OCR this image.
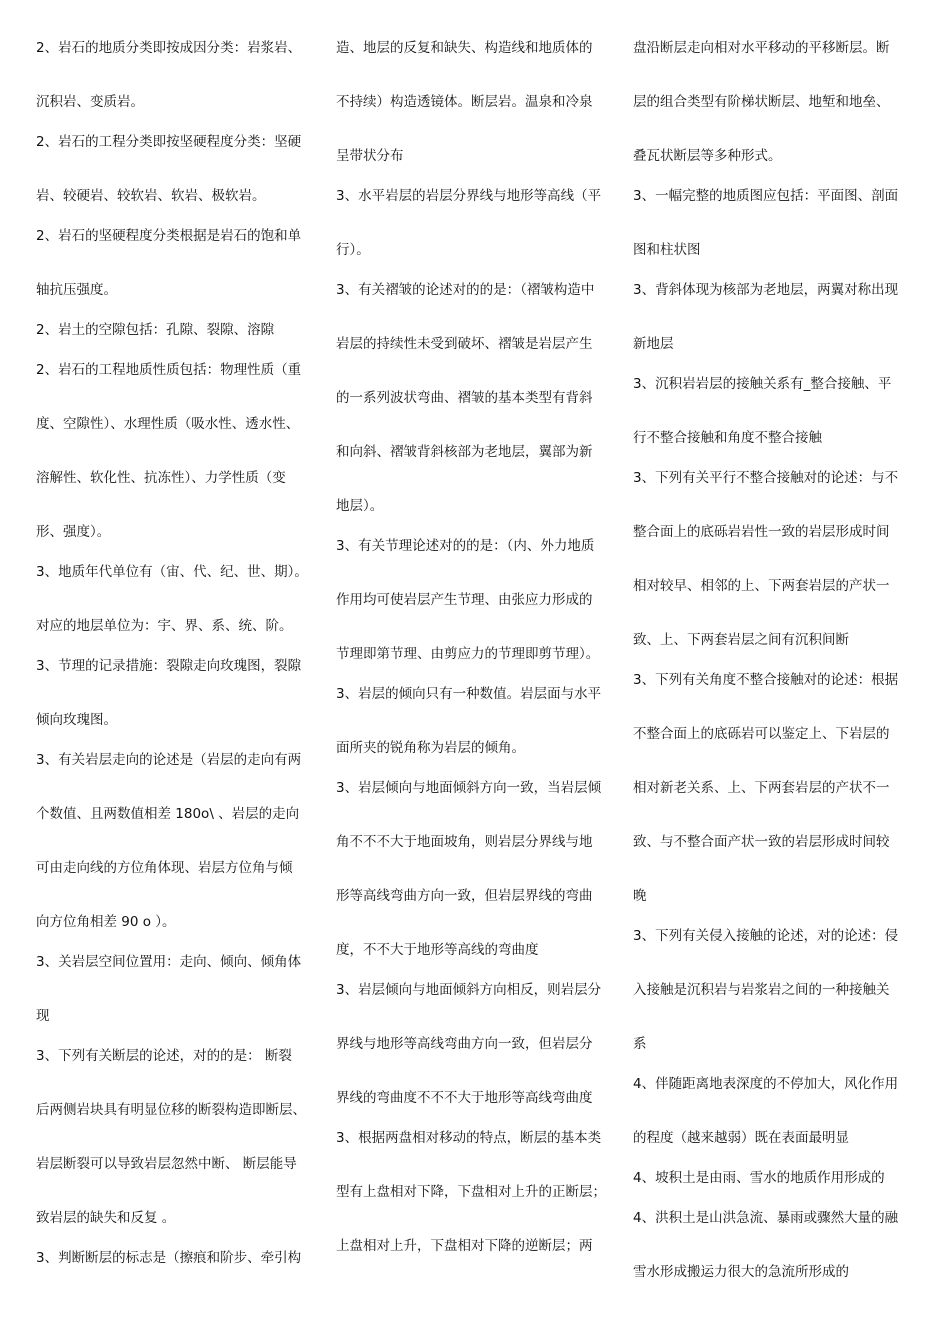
2、岩石的地质分类即按成因分类：岩浆岩、
沉积岩、变质岩。
2、岩石的工程分类即按坚硬程度分类：坚硬
岩、较硬岩、较软岩、软岩、极软岩。
2、岩石的坚硬程度分类根据是岩石的饱和单
轴抗压强度。
2、岩土的空隙包括：孔隙、裂隙、溶隙
2、岩石的工程地质性质包括：物理性质（重
度、空隙性）、水理性质（吸水性、透水性、
溶解性、软化性、抗冻性）、力学性质（变
形、强度）。
3、地质年代单位有（宙、代、纪、世、期）。
对应的地层单位为：宇、界、系、统、阶。
3、节理的记录措施：裂隙走向玫瑰图，裂隙
倾向玫瑰图。
3、有关岩层走向的论述是（岩层的走向有两
个数值、且两数值相差 180o\ 、岩层的走向
可由走向线的方位角体现、岩层方位角与倾
向方位角相差 90 o ）。
3、关岩层空间位置用：走向、倾向、倾角体
现
3、下列有关断层的论述，对的的是： 断裂
后两侧岩块具有明显位移的断裂构造即断层、
岩层断裂可以导致岩层忽然中断、 断层能导
致岩层的缺失和反复 。
3、判断断层的标志是（擦痕和阶步、牵引构
造、地层的反复和缺失、构造线和地质体的
不持续）构造透镜体。断层岩。温泉和冷泉
呈带状分布
3、水平岩层的岩层分界线与地形等高线（平
行）。
3、有关褶皱的论述对的的是：（褶皱构造中
岩层的持续性未受到破坏、褶皱是岩层产生
的一系列波状弯曲、褶皱的基本类型有背斜
和向斜、褶皱背斜核部为老地层，翼部为新
地层）。
3、有关节理论述对的的是：（内、外力地质
作用均可使岩层产生节理、由张应力形成的
节理即第节理、由剪应力的节理即剪节理）。
3、岩层的倾向只有一种数值。岩层面与水平
面所夹的锐角称为岩层的倾角。
3、岩层倾向与地面倾斜方向一致，当岩层倾
角不不不大于地面坡角，则岩层分界线与地
形等高线弯曲方向一致，但岩层界线的弯曲
度，不不大于地形等高线的弯曲度
3、岩层倾向与地面倾斜方向相反，则岩层分
界线与地形等高线弯曲方向一致，但岩层分
界线的弯曲度不不不大于地形等高线弯曲度
3、根据两盘相对移动的特点，断层的基本类
型有上盘相对下降，下盘相对上升的正断层；
上盘相对上升，下盘相对下降的逆断层；两
盘沿断层走向相对水平移动的平移断层。断
层的组合类型有阶梯状断层、地堑和地垒、
叠瓦状断层等多种形式。
3、一幅完整的地质图应包括：平面图、剖面
图和柱状图
3、背斜体现为核部为老地层，两翼对称出现
新地层
3、沉积岩岩层的接触关系有_整合接触、平
行不整合接触和角度不整合接触
3、下列有关平行不整合接触对的论述：与不
整合面上的底砾岩岩性一致的岩层形成时间
相对较早、相邻的上、下两套岩层的产状一
致、上、下两套岩层之间有沉积间断
3、下列有关角度不整合接触对的论述：根据
不整合面上的底砾岩可以鉴定上、下岩层的
相对新老关系、上、下两套岩层的产状不一
致、与不整合面产状一致的岩层形成时间较
晚
3、下列有关侵入接触的论述，对的论述：侵
入接触是沉积岩与岩浆岩之间的一种接触关
系
4、伴随距离地表深度的不停加大，风化作用
的程度（越来越弱）既在表面最明显
4、坡积土是由雨、雪水的地质作用形成的
4、洪积土是山洪急流、暴雨或骤然大量的融
雪水形成搬运力很大的急流所形成的
